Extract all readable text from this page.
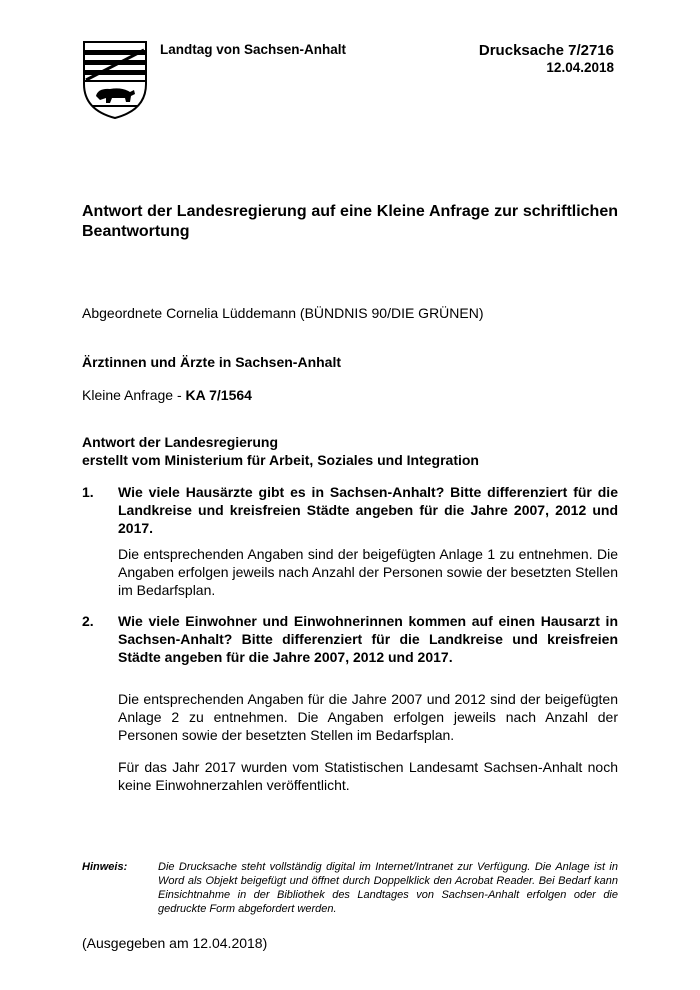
Landtag von Sachsen-Anhalt	Drucksache 7/2716
12.04.2018
Antwort der Landesregierung auf eine Kleine Anfrage zur schriftlichen Beantwortung
Abgeordnete Cornelia Lüddemann (BÜNDNIS 90/DIE GRÜNEN)
Ärztinnen und Ärzte in Sachsen-Anhalt
Kleine Anfrage - KA 7/1564
Antwort der Landesregierung
erstellt vom Ministerium für Arbeit, Soziales und Integration
1.	Wie viele Hausärzte gibt es in Sachsen-Anhalt? Bitte differenziert für die Landkreise und kreisfreien Städte angeben für die Jahre 2007, 2012 und 2017.
Die entsprechenden Angaben sind der beigefügten Anlage 1 zu entnehmen. Die Angaben erfolgen jeweils nach Anzahl der Personen sowie der besetzten Stellen im Bedarfsplan.
2.	Wie viele Einwohner und Einwohnerinnen kommen auf einen Hausarzt in Sachsen-Anhalt? Bitte differenziert für die Landkreise und kreisfreien Städte angeben für die Jahre 2007, 2012 und 2017.
Die entsprechenden Angaben für die Jahre 2007 und 2012 sind der beigefügten Anlage 2 zu entnehmen. Die Angaben erfolgen jeweils nach Anzahl der Personen sowie der besetzten Stellen im Bedarfsplan.
Für das Jahr 2017 wurden vom Statistischen Landesamt Sachsen-Anhalt noch keine Einwohnerzahlen veröffentlicht.
Hinweis:	Die Drucksache steht vollständig digital im Internet/Intranet zur Verfügung. Die Anlage ist in Word als Objekt beigefügt und öffnet durch Doppelklick den Acrobat Reader. Bei Bedarf kann Einsichtnahme in der Bibliothek des Landtages von Sachsen-Anhalt erfolgen oder die gedruckte Form abgefordert werden.
(Ausgegeben am 12.04.2018)
